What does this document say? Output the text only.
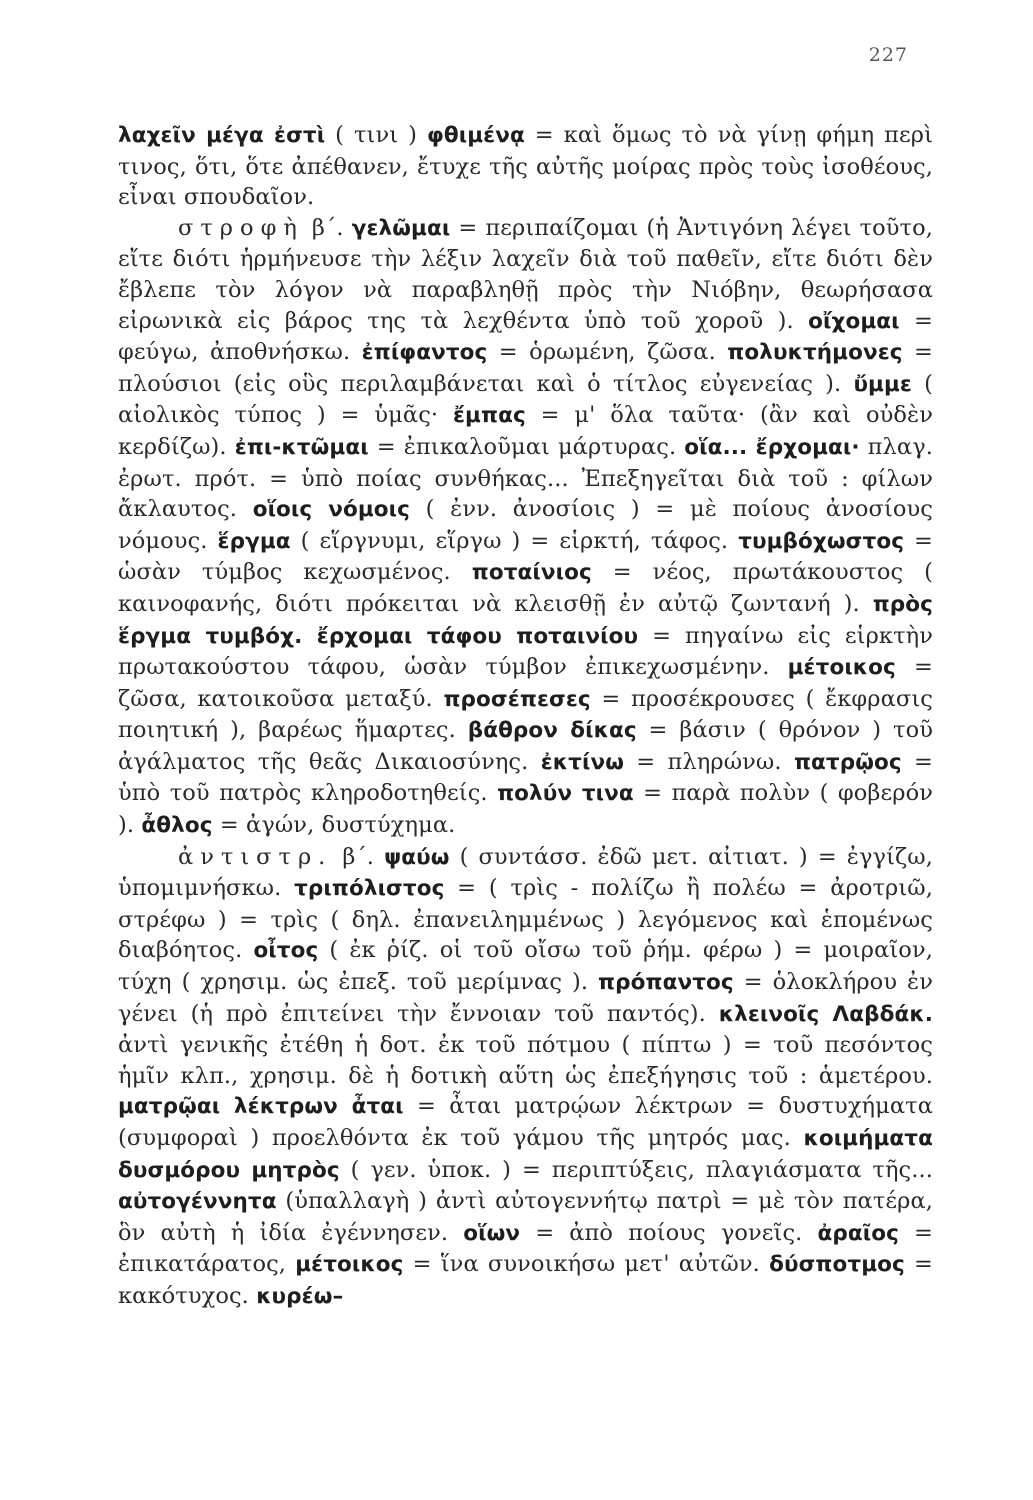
227

λαχεῖν μέγα ἐστὶ ( τινι ) φθιμένᾳ = καὶ ὅμως τὸ νὰ γίνῃ φήμη περὶ τινος, ὅτι, ὅτε ἀπέθανεν, ἔτυχε τῆς αὐτῆς μοίρας πρὸς τοὺς ἰσοθέους, εἶναι σπουδαῖον.

στροφὴ β΄. γελῶμαι = περιπαίζομαι (ἡ Ἀντιγόνη λέγει τοῦτο, εἴτε διότι ἡρμήνευσε τὴν λέξιν λαχεῖν διὰ τοῦ παθεῖν, εἴτε διότι δὲν ἔβλεπε τὸν λόγον νὰ παραβληθῇ πρὸς τὴν Νιόβην, θεωρήσασα εἰρωνικὰ εἰς βάρος της τὰ λεχθέντα ὑπὸ τοῦ χοροῦ ). οἴχομαι = φεύγω, ἀποθνήσκω. ἐπίφαντος = ὁρωμένη, ζῶσα. πολυκτήμονες = πλούσιοι (εἰς οὓς περιλαμβάνεται καὶ ὁ τίτλος εὐγενείας ). ὔμμε ( αἰολικὸς τύπος ) = ὑμᾶς· ἔμπας = μ' ὅλα ταῦτα· (ἂν καὶ οὐδὲν κερδίζω). ἐπι-κτῶμαι = ἐπικαλοῦμαι μάρτυρας. οἵα... ἔρχομαι· πλαγ. ἐρωτ. πρότ. = ὑπὸ ποίας συνθήκας... Ἐπεξηγεῖται διὰ τοῦ : φίλων ἄκλαυτος. οἵοις νόμοις ( ἐνν. ἀνοσίοις ) = μὲ ποίους ἀνοσίους νόμους. ἕργμα ( εἵργνυμι, εἵργω ) = εἱρκτή, τάφος. τυμβόχωστος = ὡσὰν τύμβος κεχωσμένος. ποταίνιος = νέος, πρωτάκουστος ( καινοφανής, διότι πρόκειται νὰ κλεισθῇ ἐν αὐτῷ ζωντανή ). πρὸς ἕργμα τυμβόχ. ἔρχομαι τάφου ποταινίου = πηγαίνω εἰς εἱρκτὴν πρωτακούστου τάφου, ὡσὰν τύμβον ἐπικεχωσμένην. μέτοικος = ζῶσα, κατοικοῦσα μεταξύ. προσέπεσες = προσέκρουσες ( ἔκφρασις ποιητική ), βαρέως ἥμαρτες. βάθρον δίκας = βάσιν ( θρόνον ) τοῦ ἀγάλματος τῆς θεᾶς Δικαιοσύνης. ἐκτίνω = πληρώνω. πατρῷος = ὑπὸ τοῦ πατρὸς κληροδοτηθείς. πολύν τινα = παρὰ πολὺν ( φοβερόν ). ἆθλος = ἀγών, δυστύχημα.

ἀντιστρ. β΄. ψαύω ( συντάσσ. ἐδῶ μετ. αἰτιατ. ) = ἐγγίζω, ὑπομιμνήσκω. τριπόλιστος = ( τρὶς - πολίζω ἢ πολέω = ἀροτριῶ, στρέφω ) = τρὶς ( δηλ. ἐπανειλημμένως ) λεγόμενος καὶ ἑπομένως διαβόητος. οἶτος ( ἐκ ῥίζ. οἱ τοῦ οἴσω τοῦ ῥήμ. φέρω ) = μοιραῖον, τύχη ( χρησιμ. ὡς ἐπεξ. τοῦ μερίμνας ). πρόπαντος = ὁλοκλήρου ἐν γένει (ἡ πρὸ ἐπιτείνει τὴν ἔννοιαν τοῦ παντός). κλεινοῖς Λαβδάκ. ἀντὶ γενικῆς ἐτέθη ἡ δοτ. ἐκ τοῦ πότμου ( πίπτω ) = τοῦ πεσόντος ἡμῖν κλπ., χρησιμ. δὲ ἡ δοτικὴ αὕτη ὡς ἐπεξήγησις τοῦ : ἁμετέρου. ματρῷαι λέκτρων ἆται = ἆται ματρῴων λέκτρων = δυστυχήματα (συμφοραὶ ) προελθόντα ἐκ τοῦ γάμου τῆς μητρός μας. κοιμήματα δυσμόρου μητρὸς ( γεν. ὑποκ. ) = περιπτύξεις, πλαγιάσματα τῆς... αὐτογέννητα (ὑπαλλαγὴ ) ἀντὶ αὐτογεννήτῳ πατρὶ = μὲ τὸν πατέρα, ὃν αὐτὴ ἡ ἰδία ἐγέννησεν. οἵων = ἀπὸ ποίους γονεῖς. ἀραῖος = ἐπικατάρατος, μέτοικος = ἵνα συνοικήσω μετ' αὐτῶν. δύσποτμος = κακότυχος. κυρέω–
